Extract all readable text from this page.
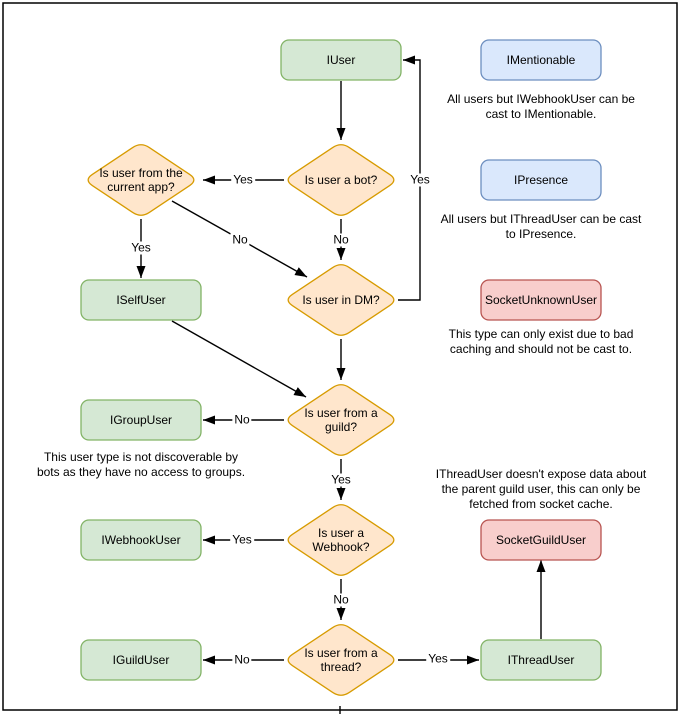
IUser	IMentionable
IPresence
ISelfUser	SocketUnknownUser
IGroupUser
IWebhookUser	SocketGuildUser
IGuildUser	IThreadUser
Is user a bot?
Is user from the current app?
Is user in DM?
Is user from a guild?
Is user a Webhook?
Is user from a thread?
Yes
No
Yes
No
Yes
No
Yes
Yes
No
No	Yes
All users but IWebhookUser can be cast to IMentionable.
All users but IThreadUser can be cast to IPresence.
This type can only exist due to bad caching and should not be cast to.
This user type is not discoverable by bots as they have no access to groups.	IThreadUser doesn't expose data about the parent guild user, this can only be fetched from socket cache.
